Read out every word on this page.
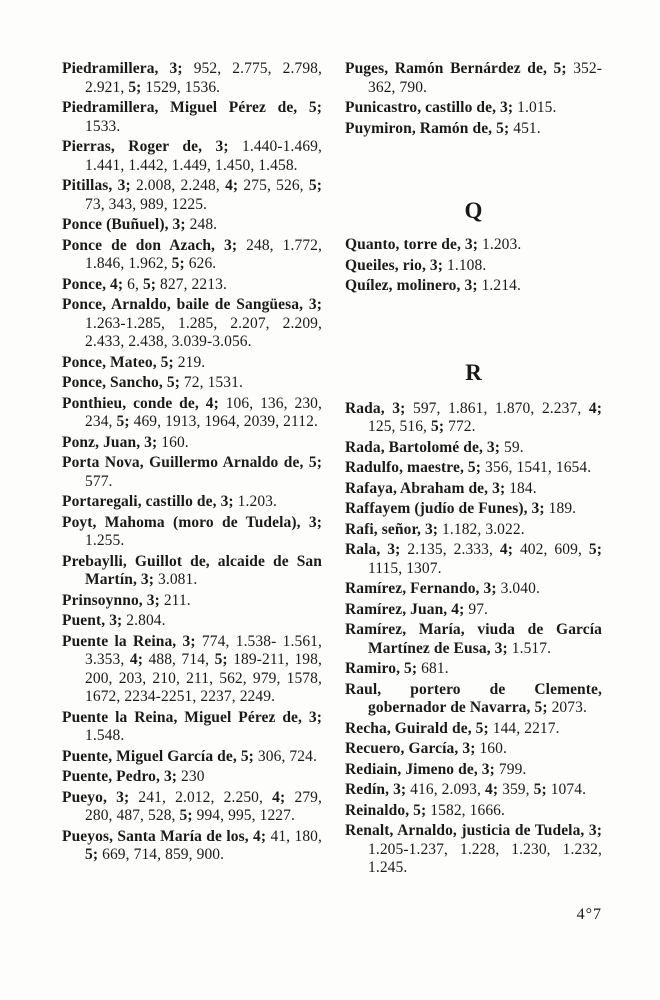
Piedramillera, 3; 952, 2.775, 2.798, 2.921, 5; 1529, 1536.

Piedramillera, Miguel Pérez de, 5; 1533.

Pierras, Roger de, 3; 1.440-1.469, 1.441, 1.442, 1.449, 1.450, 1.458.

Pitillas, 3; 2.008, 2.248, 4; 275, 526, 5; 73, 343, 989, 1225.

Ponce (Buñuel), 3; 248.

Ponce de don Azach, 3; 248, 1.772, 1.846, 1.962, 5; 626.

Ponce, 4; 6, 5; 827, 2213.

Ponce, Arnaldo, baile de Sangüesa, 3; 1.263-1.285, 1.285, 2.207, 2.209, 2.433, 2.438, 3.039-3.056.

Ponce, Mateo, 5; 219.

Ponce, Sancho, 5; 72, 1531.

Ponthieu, conde de, 4; 106, 136, 230, 234, 5; 469, 1913, 1964, 2039, 2112.

Ponz, Juan, 3; 160.

Porta Nova, Guillermo Arnaldo de, 5; 577.

Portaregali, castillo de, 3; 1.203.

Poyt, Mahoma (moro de Tudela), 3; 1.255.

Prebaylli, Guillot de, alcaide de San Martín, 3; 3.081.

Prinsoynno, 3; 211.

Puent, 3; 2.804.

Puente la Reina, 3; 774, 1.538- 1.561, 3.353, 4; 488, 714, 5; 189-211, 198, 200, 203, 210, 211, 562, 979, 1578, 1672, 2234-2251, 2237, 2249.

Puente la Reina, Miguel Pérez de, 3; 1.548.

Puente, Miguel García de, 5; 306, 724.

Puente, Pedro, 3; 230

Pueyo, 3; 241, 2.012, 2.250, 4; 279, 280, 487, 528, 5; 994, 995, 1227.

Pueyos, Santa María de los, 4; 41, 180, 5; 669, 714, 859, 900.

Puges, Ramón Bernárdez de, 5; 352-362, 790.

Punicastro, castillo de, 3; 1.015.

Puymiron, Ramón de, 5; 451.

Q

Quanto, torre de, 3; 1.203.

Queiles, rio, 3; 1.108.

Quílez, molinero, 3; 1.214.

R

Rada, 3; 597, 1.861, 1.870, 2.237, 4; 125, 516, 5; 772.

Rada, Bartolomé de, 3; 59.

Radulfo, maestre, 5; 356, 1541, 1654.

Rafaya, Abraham de, 3; 184.

Raffayem (judío de Funes), 3; 189.

Rafi, señor, 3; 1.182, 3.022.

Rala, 3; 2.135, 2.333, 4; 402, 609, 5; 1115, 1307.

Ramírez, Fernando, 3; 3.040.

Ramírez, Juan, 4; 97.

Ramírez, María, viuda de García Martínez de Eusa, 3; 1.517.

Ramiro, 5; 681.

Raul, portero de Clemente, gobernador de Navarra, 5; 2073.

Recha, Guirald de, 5; 144, 2217.

Recuero, García, 3; 160.

Rediain, Jimeno de, 3; 799.

Redín, 3; 416, 2.093, 4; 359, 5; 1074.

Reinaldo, 5; 1582, 1666.

Renalt, Arnaldo, justicia de Tudela, 3; 1.205-1.237, 1.228, 1.230, 1.232, 1.245.

4°7
